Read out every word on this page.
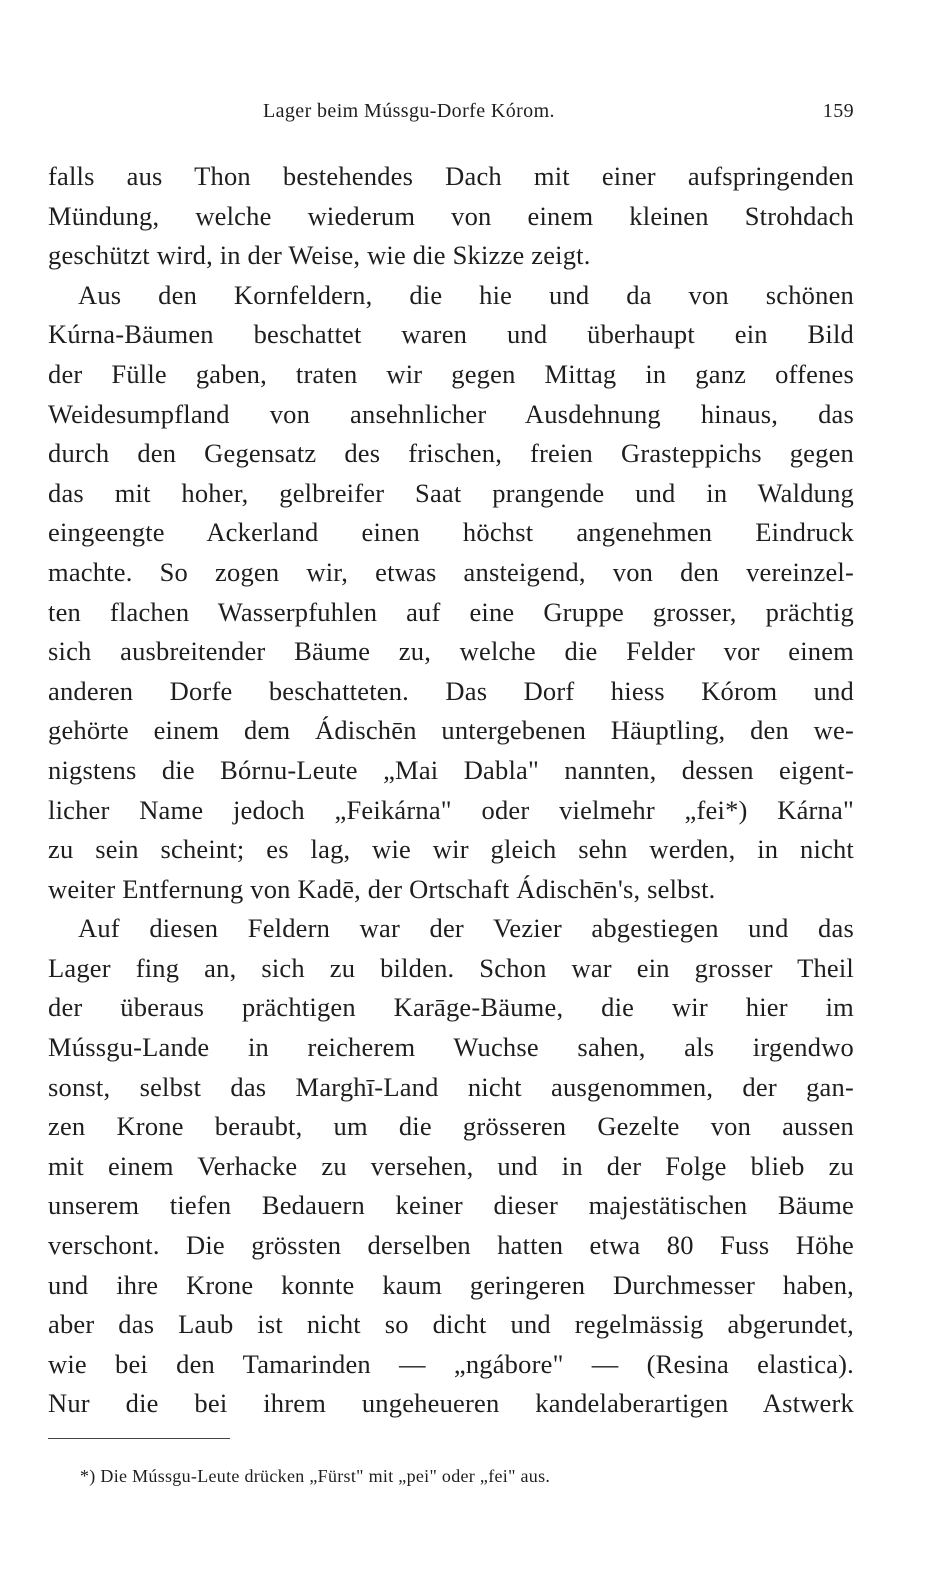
Lager beim Mússgu-Dorfe Kórom.	159
falls aus Thon bestehendes Dach mit einer aufspringenden
Mündung, welche wiederum von einem kleinen Strohdach
geschützt wird, in der Weise, wie die Skizze zeigt.
Aus den Kornfeldern, die hie und da von schönen
Kúrna-Bäumen beschattet waren und überhaupt ein Bild
der Fülle gaben, traten wir gegen Mittag in ganz offenes
Weidesumpfland von ansehnlicher Ausdehnung hinaus, das
durch den Gegensatz des frischen, freien Grasteppichs gegen
das mit hoher, gelbreifer Saat prangende und in Waldung
eingeengte Ackerland einen höchst angenehmen Eindruck
machte. So zogen wir, etwas ansteigend, von den vereinzel-
ten flachen Wasserpfuhlen auf eine Gruppe grosser, prächtig
sich ausbreitender Bäume zu, welche die Felder vor einem
anderen Dorfe beschatteten. Das Dorf hiess Kórom und
gehörte einem dem Ádischēn untergebenen Häuptling, den we-
nigstens die Bórnu-Leute „Mai Dabla" nannten, dessen eigent-
licher Name jedoch „Feikárna" oder vielmehr „fei*) Kárna"
zu sein scheint; es lag, wie wir gleich sehn werden, in nicht
weiter Entfernung von Kadē, der Ortschaft Ádischēn's, selbst.
Auf diesen Feldern war der Vezier abgestiegen und das
Lager fing an, sich zu bilden. Schon war ein grosser Theil
der überaus prächtigen Karāge-Bäume, die wir hier im
Mússgu-Lande in reicherem Wuchse sahen, als irgendwo
sonst, selbst das Marghī-Land nicht ausgenommen, der gan-
zen Krone beraubt, um die grösseren Gezelte von aussen
mit einem Verhacke zu versehen, und in der Folge blieb zu
unserem tiefen Bedauern keiner dieser majestätischen Bäume
verschont. Die grössten derselben hatten etwa 80 Fuss Höhe
und ihre Krone konnte kaum geringeren Durchmesser haben,
aber das Laub ist nicht so dicht und regelmässig abgerundet,
wie bei den Tamarinden — „ngábore" — (Resina elastica).
Nur die bei ihrem ungeheueren kandelaberartigen Astwerk
*) Die Mússgu-Leute drücken „Fürst" mit „pei" oder „fei" aus.
